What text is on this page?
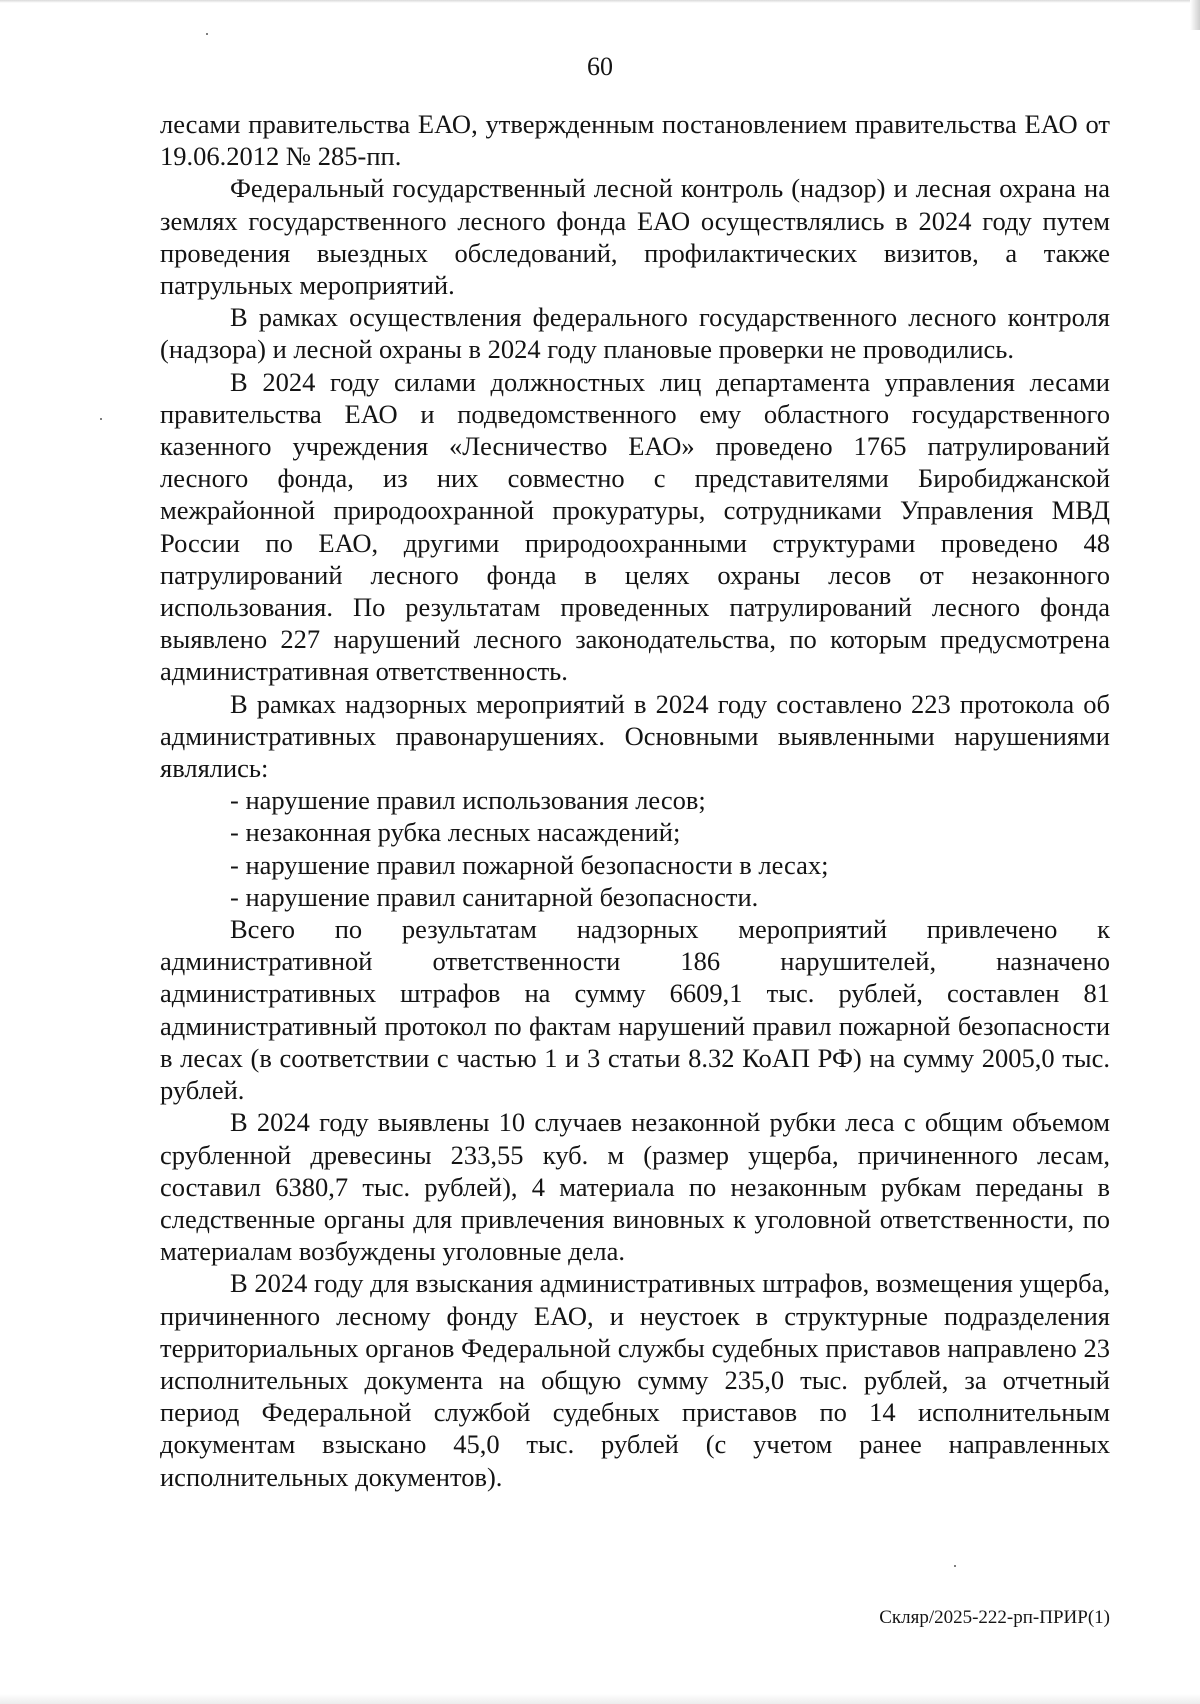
60

лесами правительства ЕАО, утвержденным постановлением правительства ЕАО от 19.06.2012 № 285-пп.

Федеральный государственный лесной контроль (надзор) и лесная охрана на землях государственного лесного фонда ЕАО осуществлялись в 2024 году путем проведения выездных обследований, профилактических визитов, а также патрульных мероприятий.

В рамках осуществления федерального государственного лесного контроля (надзора) и лесной охраны в 2024 году плановые проверки не проводились.

В 2024 году силами должностных лиц департамента управления лесами правительства ЕАО и подведомственного ему областного государственного казенного учреждения «Лесничество ЕАО» проведено 1765 патрулирований лесного фонда, из них совместно с представителями Биробиджанской межрайонной природоохранной прокуратуры, сотрудниками Управления МВД России по ЕАО, другими природоохранными структурами проведено 48 патрулирований лесного фонда в целях охраны лесов от незаконного использования. По результатам проведенных патрулирований лесного фонда выявлено 227 нарушений лесного законодательства, по которым предусмотрена административная ответственность.

В рамках надзорных мероприятий в 2024 году составлено 223 протокола об административных правонарушениях. Основными выявленными нарушениями являлись:

- нарушение правил использования лесов;

- незаконная рубка лесных насаждений;

- нарушение правил пожарной безопасности в лесах;

- нарушение правил санитарной безопасности.

Всего по результатам надзорных мероприятий привлечено к административной ответственности 186 нарушителей, назначено административных штрафов на сумму 6609,1 тыс. рублей, составлен 81 административный протокол по фактам нарушений правил пожарной безопасности в лесах (в соответствии с частью 1 и 3 статьи 8.32 КоАП РФ) на сумму 2005,0 тыс. рублей.

В 2024 году выявлены 10 случаев незаконной рубки леса с общим объемом срубленной древесины 233,55 куб. м (размер ущерба, причиненного лесам, составил 6380,7 тыс. рублей), 4 материала по незаконным рубкам переданы в следственные органы для привлечения виновных к уголовной ответственности, по материалам возбуждены уголовные дела.

В 2024 году для взыскания административных штрафов, возмещения ущерба, причиненного лесному фонду ЕАО, и неустоек в структурные подразделения территориальных органов Федеральной службы судебных приставов направлено 23 исполнительных документа на общую сумму 235,0 тыс. рублей, за отчетный период Федеральной службой судебных приставов по 14 исполнительным документам взыскано 45,0 тыс. рублей (с учетом ранее направленных исполнительных документов).

Скляр/2025-222-рп-ПРИР(1)
